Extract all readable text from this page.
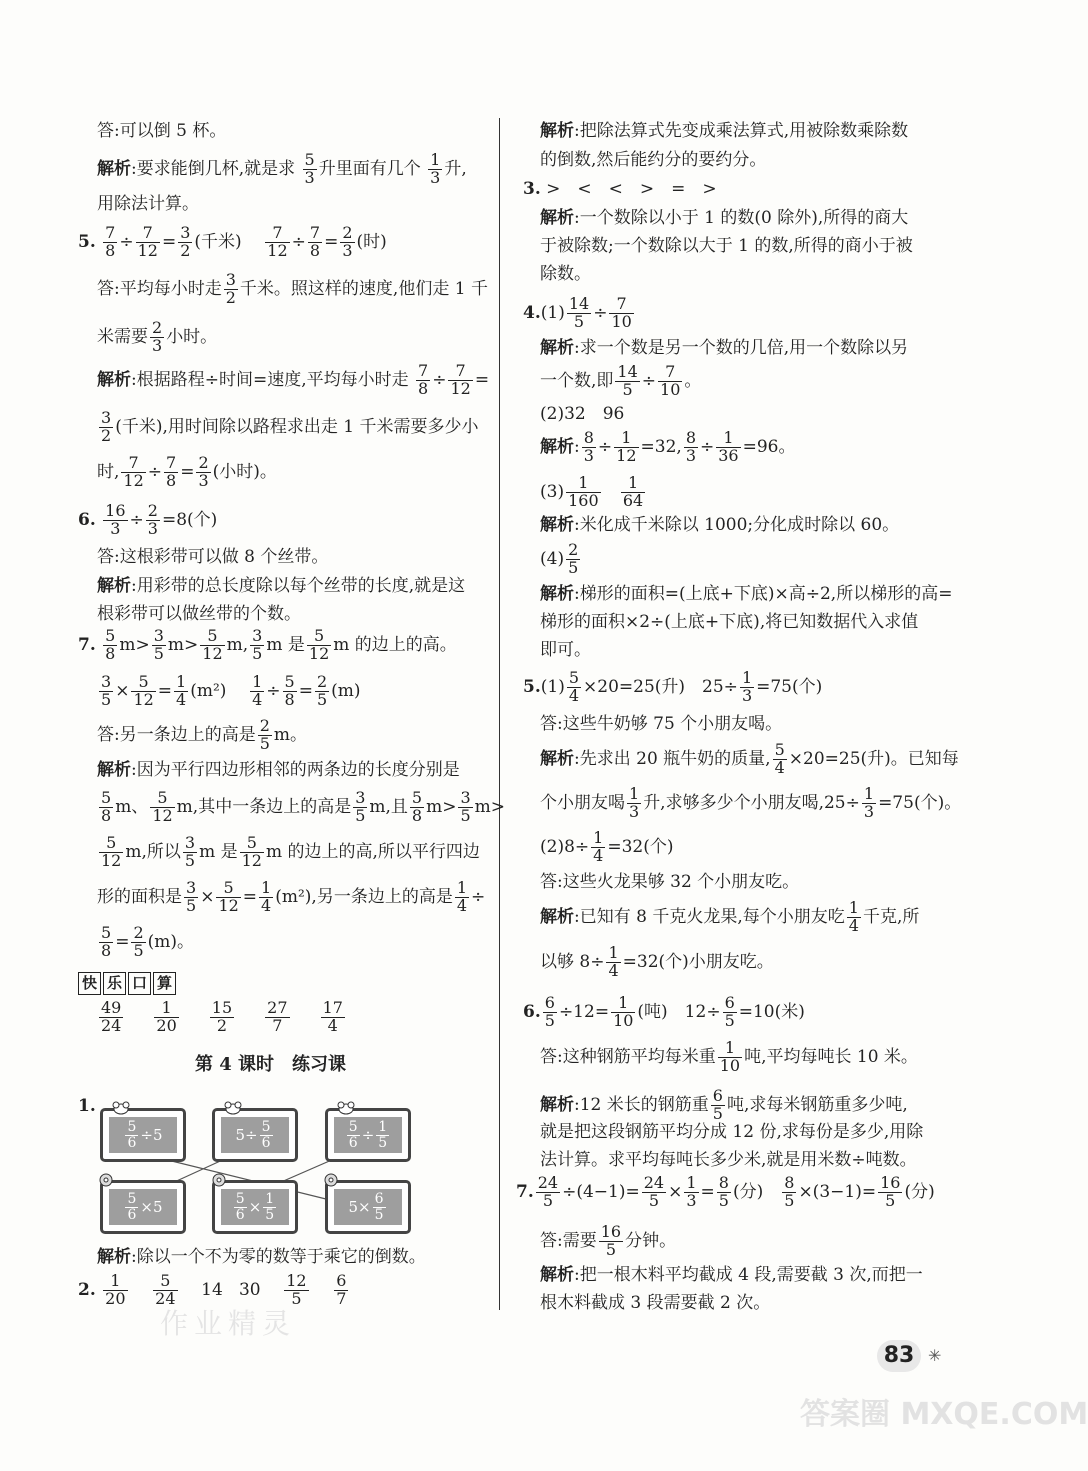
答:可以倒 5 杯。
解析:要求能倒几杯,就是求 $\frac{5}{3}$ 升里面有几个 $\frac{1}{3}$ 升,
用除法计算。
5. $\frac{7}{8} \div \frac{7}{12} = \frac{3}{2}$ (千米) $\frac{7}{12} \div \frac{7}{8} = \frac{2}{3}$ (时)
答:平均每小时走 $\frac{3}{2}$ 千米。照这样的速度,他们走 1 千
米需要 $\frac{2}{3}$ 小时。
解析:根据路程÷时间=速度,平均每小时走 $\frac{7}{8} \div \frac{7}{12}$ =
$\frac{3}{2}$ (千米),用时间除以路程求出走 1 千米需要多少小
时, $\frac{7}{12} \div \frac{7}{8} = \frac{2}{3}$ (小时)。
6. $\frac{16}{3} \div \frac{2}{3} =8$(个)
答:这根彩带可以做 8 个丝带。
解析:用彩带的总长度除以每个丝带的长度,就是这
根彩带可以做丝带的个数。
7. $\frac{5}{8} m> \frac{3}{5} m> \frac{5}{12} m$, $\frac{3}{5}$ m 是 $\frac{5}{12}$ m 的边上的高。
$\frac{3}{5} \times \frac{5}{12} = \frac{1}{4} (m^2) \frac{1}{4} \div \frac{5}{8} = \frac{2}{5} (m)$
答:另一条边上的高是 $\frac{2}{5}$ m。
解析:因为平行四边形相邻的两条边的长度分别是
$\frac{5}{8}$ m、 $\frac{5}{12} m$,其中一条边上的高是 $\frac{3}{5} m$,且 $\frac{5}{8} m> \frac{3}{5} m>$
$\frac{5}{12} m$,所以 $\frac{3}{5}$ m 是 $\frac{5}{12}$ m 的边上的高,所以平行四边
形的面积是 $\frac{3}{5} \times \frac{5}{12} = \frac{1}{4} (m^2)$,另一条边上的高是 $\frac{1}{4}$ ÷
$\frac{5}{8} = \frac{2}{5} (m)$。
快 乐 口 算
$\frac{49}{24}$
$\frac{1}{20}$
$\frac{15}{2}$
$\frac{27}{7}$
$\frac{17}{4}$
第 4 课时　练习课
1.
$\frac{5}{6} \div 5$	$5 \div \frac{5}{6}$	$\frac{5}{6} \div \frac{1}{5}$
$\frac{5}{6} \times 5$	$\frac{5}{6} \times \frac{1}{5}$	$5 \times \frac{6}{5}$
解析:除以一个不为零的数等于乘它的倒数。
2. $\frac{1}{20}$
$\frac{5}{24} 14$ $30 \frac{12}{5}$
$\frac{6}{7}$
作业精灵
解析:把除法算式先变成乘法算式,用被除数乘除数
的倒数,然后能约分的要约分。
3. >　<　<　>　=　>
解析:一个数除以小于 1 的数(0 除外),所得的商大
于被除数;一个数除以大于 1 的数,所得的商小于被
除数。
$4.(1) \frac{14}{5} \div \frac{7}{10}$
解析:求一个数是另一个数的几倍,用一个数除以另
一个数,即 $\frac{14}{5} \div \frac{7}{10}$ 。
(2)32　96
解析: $\frac{8}{3} \div \frac{1}{12} =32$, $\frac{8}{3} \div \frac{1}{36} =96$。
$(3) \frac{1}{160}$
$\frac{1}{64}$
解析:米化成千米除以 1000;分化成时除以 60。
$(4) \frac{2}{5}$
解析:梯形的面积=(上底+下底)×高÷2,所以梯形的高=
梯形的面积×2÷(上底+下底),将已知数据代入求值
即可。
$5.(1) \frac{5}{4} \times 20=25$(升)　$25\div \frac{1}{3} =75$(个)
答:这些牛奶够 75 个小朋友喝。
解析:先求出 20 瓶牛奶的质量, $\frac{5}{4} \times 20=25$(升)。已知每
个小朋友喝 $\frac{1}{3}$ 升,求够多少个小朋友喝$,25\div \frac{1}{3} =75$(个)。
$(2)8\div \frac{1}{4} =32$(个)
答:这些火龙果够 32 个小朋友吃。
解析:已知有 8 千克火龙果,每个小朋友吃 $\frac{1}{4}$ 千克,所
以够 $8\div \frac{1}{4} =32$(个)小朋友吃。
6. $\frac{6}{5} \div 12= \frac{1}{10}$ (吨)　$12\div \frac{6}{5} =10$(米)
答:这种钢筋平均每米重 $\frac{1}{10}$ 吨,平均每吨长 10 米。
解析:12 米长的钢筋重 $\frac{6}{5}$ 吨,求每米钢筋重多少吨,
就是把这段钢筋平均分成 12 份,求每份是多少,用除
法计算。求平均每吨长多少米,就是用米数÷吨数。
7. $\frac{24}{5} \div(4-1)= \frac{24}{5} \times \frac{1}{3} = \frac{8}{5}$ (分)　 $\frac{8}{5} \times(3-1)= \frac{16}{5}$ (分)
答:需要 $\frac{16}{5}$ 分钟。
解析:把一根木料平均截成 4 段,需要截 3 次,而把一
根木料截成 3 段需要截 2 次。
83 ✳
答案圈 MXQE.COM
